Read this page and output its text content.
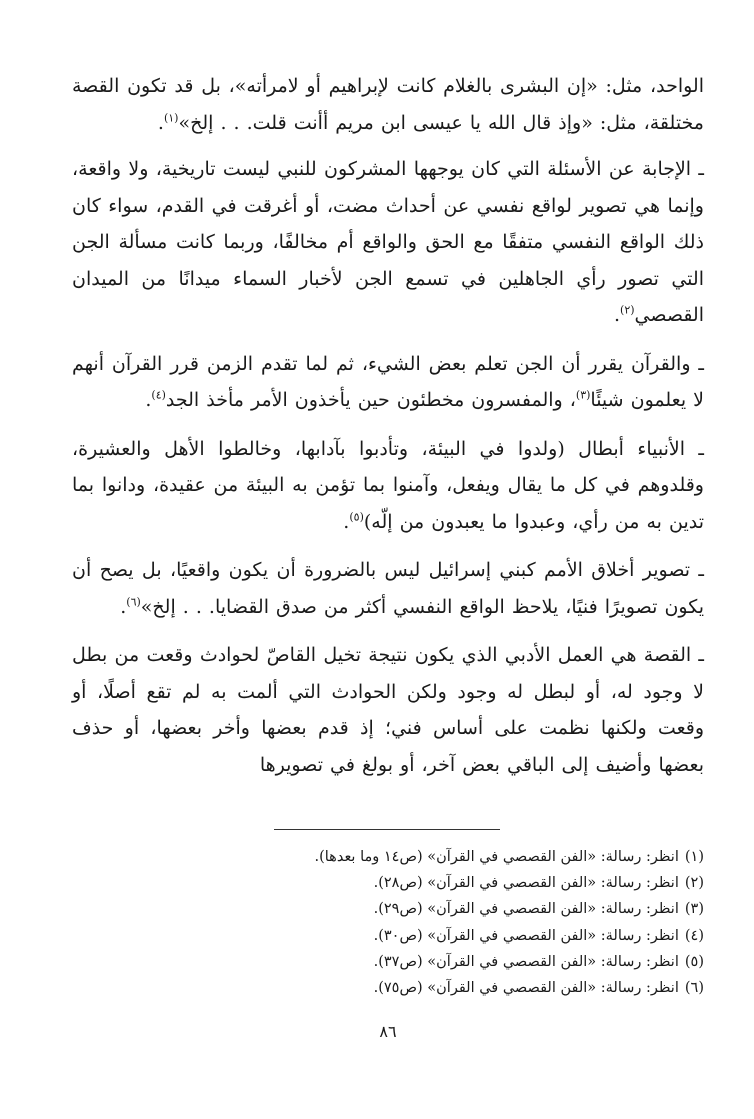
الواحد، مثل: «إن البشرى بالغلام كانت لإبراهيم أو لامرأته»، بل قد تكون القصة مختلقة، مثل: «وإذ قال الله يا عيسى ابن مريم أأنت قلت. . . إلخ»$^{(١)}$.

ـ الإجابة عن الأسئلة التي كان يوجهها المشركون للنبي ليست تاريخية، ولا واقعة، وإنما هي تصوير لواقع نفسي عن أحداث مضت، أو أغرقت في القدم، سواء كان ذلك الواقع النفسي متفقًا مع الحق والواقع أم مخالفًا، وربما كانت مسألة الجن التي تصور رأي الجاهلين في تسمع الجن لأخبار السماء ميدانًا من الميدان القصصي$^{(٢)}$.

ـ والقرآن يقرر أن الجن تعلم بعض الشيء، ثم لما تقدم الزمن قرر القرآن أنهم لا يعلمون شيئًا$^{(٣)}$، والمفسرون مخطئون حين يأخذون الأمر مأخذ الجد$^{(٤)}$.

ـ الأنبياء أبطال (ولدوا في البيئة، وتأدبوا بآدابها، وخالطوا الأهل والعشيرة، وقلدوهم في كل ما يقال ويفعل، وآمنوا بما تؤمن به البيئة من عقيدة، ودانوا بما تدين به من رأي، وعبدوا ما يعبدون من إلّه)$^{(٥)}$.

ـ تصوير أخلاق الأمم كبني إسرائيل ليس بالضرورة أن يكون واقعيًا، بل يصح أن يكون تصويرًا فنيًا، يلاحظ الواقع النفسي أكثر من صدق القضايا. . . إلخ»$^{(٦)}$.

ـ القصة هي العمل الأدبي الذي يكون نتيجة تخيل القاصّ لحوادث وقعت من بطل لا وجود له، أو لبطل له وجود ولكن الحوادث التي ألمت به لم تقع أصلًا، أو وقعت ولكنها نظمت على أساس فني؛ إذ قدم بعضها وأخر بعضها، أو حذف بعضها وأضيف إلى الباقي بعض آخر، أو بولغ في تصويرها

(١)انظر: رسالة: «الفن القصصي في القرآن» (ص١٤ وما بعدها).
(٢)انظر: رسالة: «الفن القصصي في القرآن» (ص٢٨).
(٣)انظر: رسالة: «الفن القصصي في القرآن» (ص٢٩).
(٤)انظر: رسالة: «الفن القصصي في القرآن» (ص٣٠).
(٥)انظر: رسالة: «الفن القصصي في القرآن» (ص٣٧).
(٦)انظر: رسالة: «الفن القصصي في القرآن» (ص٧٥).
٨٦
